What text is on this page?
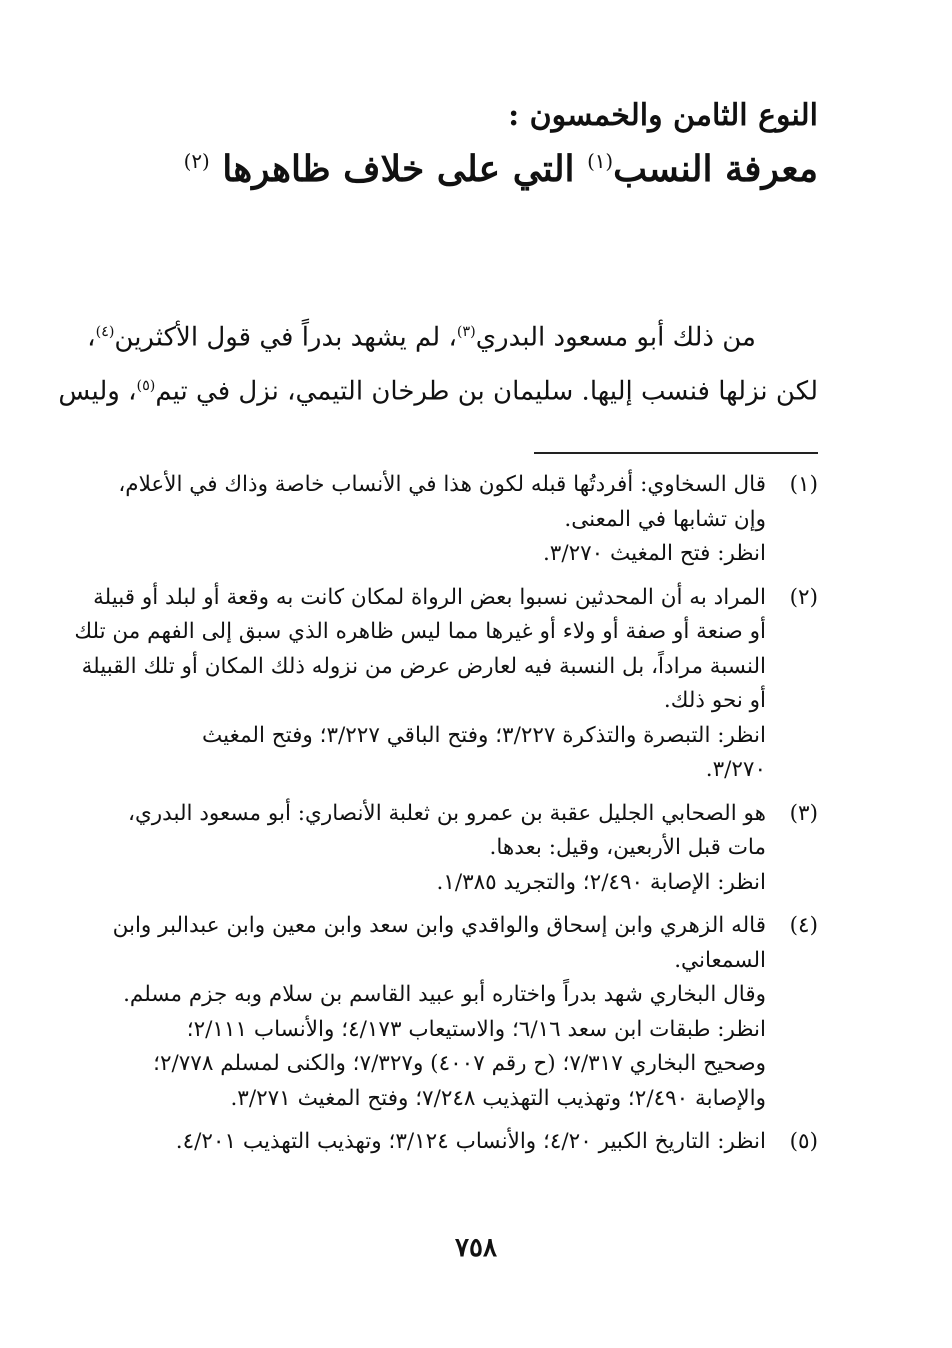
النوع الثامن والخمسون :
معرفة النسب$^{(١)}$ التي على خلاف ظاهرها $^{(٢)}$
من ذلك أبو مسعود البدري$^{(٣)}$، لم يشهد بدراً في قول الأكثرين$^{(٤)}$،
لكن نزلها فنسب إليها. سليمان بن طرخان التيمي، نزل في تيم$^{(٥)}$، وليس
(١)
قال السخاوي: أفردتُها قبله لكون هذا في الأنساب خاصة وذاك في الأعلام،
وإن تشابها في المعنى.
انظر: فتح المغيث ٣/٢٧٠.
(٢)
المراد به أن المحدثين نسبوا بعض الرواة لمكان كانت به وقعة أو لبلد أو قبيلة
أو صنعة أو صفة أو ولاء أو غيرها مما ليس ظاهره الذي سبق إلى الفهم من تلك
النسبة مراداً، بل النسبة فيه لعارض عرض من نزوله ذلك المكان أو تلك القبيلة
أو نحو ذلك.
انظر: التبصرة والتذكرة ٣/٢٢٧؛ وفتح الباقي ٣/٢٢٧؛ وفتح المغيث
٣/٢٧٠.
(٣)
هو الصحابي الجليل عقبة بن عمرو بن ثعلبة الأنصاري: أبو مسعود البدري،
مات قبل الأربعين، وقيل: بعدها.
انظر: الإصابة ٢/٤٩٠؛ والتجريد ١/٣٨٥.
(٤)
قاله الزهري وابن إسحاق والواقدي وابن سعد وابن معين وابن عبدالبر وابن
السمعاني.
وقال البخاري شهد بدراً واختاره أبو عبيد القاسم بن سلام وبه جزم مسلم.
انظر: طبقات ابن سعد ٦/١٦؛ والاستيعاب ٤/١٧٣؛ والأنساب ٢/١١١؛
وصحيح البخاري ٧/٣١٧؛ (ح رقم ٤٠٠٧) و٧/٣٢٧؛ والكنى لمسلم ٢/٧٧٨؛
والإصابة ٢/٤٩٠؛ وتهذيب التهذيب ٧/٢٤٨؛ وفتح المغيث ٣/٢٧١.
(٥)
انظر: التاريخ الكبير ٤/٢٠؛ والأنساب ٣/١٢٤؛ وتهذيب التهذيب ٤/٢٠١.
٧٥٨
